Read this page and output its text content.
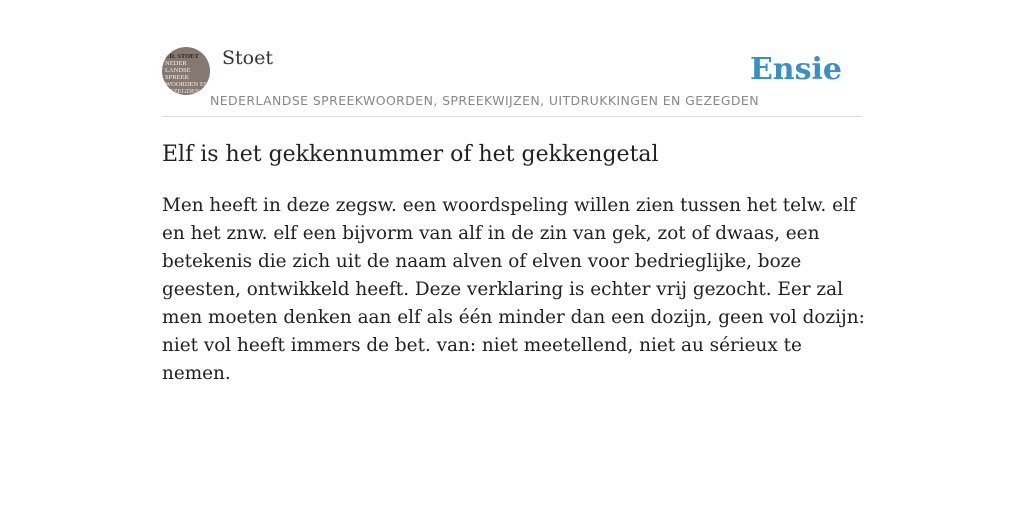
ED. STOET
NEDER LANDSE SPREEK WOORDEN EN GEZEGDEN
Stoet
NEDERLANDSE SPREEKWOORDEN, SPREEKWIJZEN, UITDRUKKINGEN EN GEZEGDEN
Ensie
Elf is het gekkennummer of het gekkengetal

Men heeft in deze zegsw. een woordspeling willen zien tussen het telw. elf en het znw. elf een bijvorm van alf in de zin van gek, zot of dwaas, een betekenis die zich uit de naam alven of elven voor bedrieglijke, boze geesten, ontwikkeld heeft. Deze verklaring is echter vrij gezocht. Eer zal men moeten denken aan elf als één minder dan een dozijn, geen vol dozijn: niet vol heeft immers de bet. van: niet meetellend, niet au sérieux te nemen.
